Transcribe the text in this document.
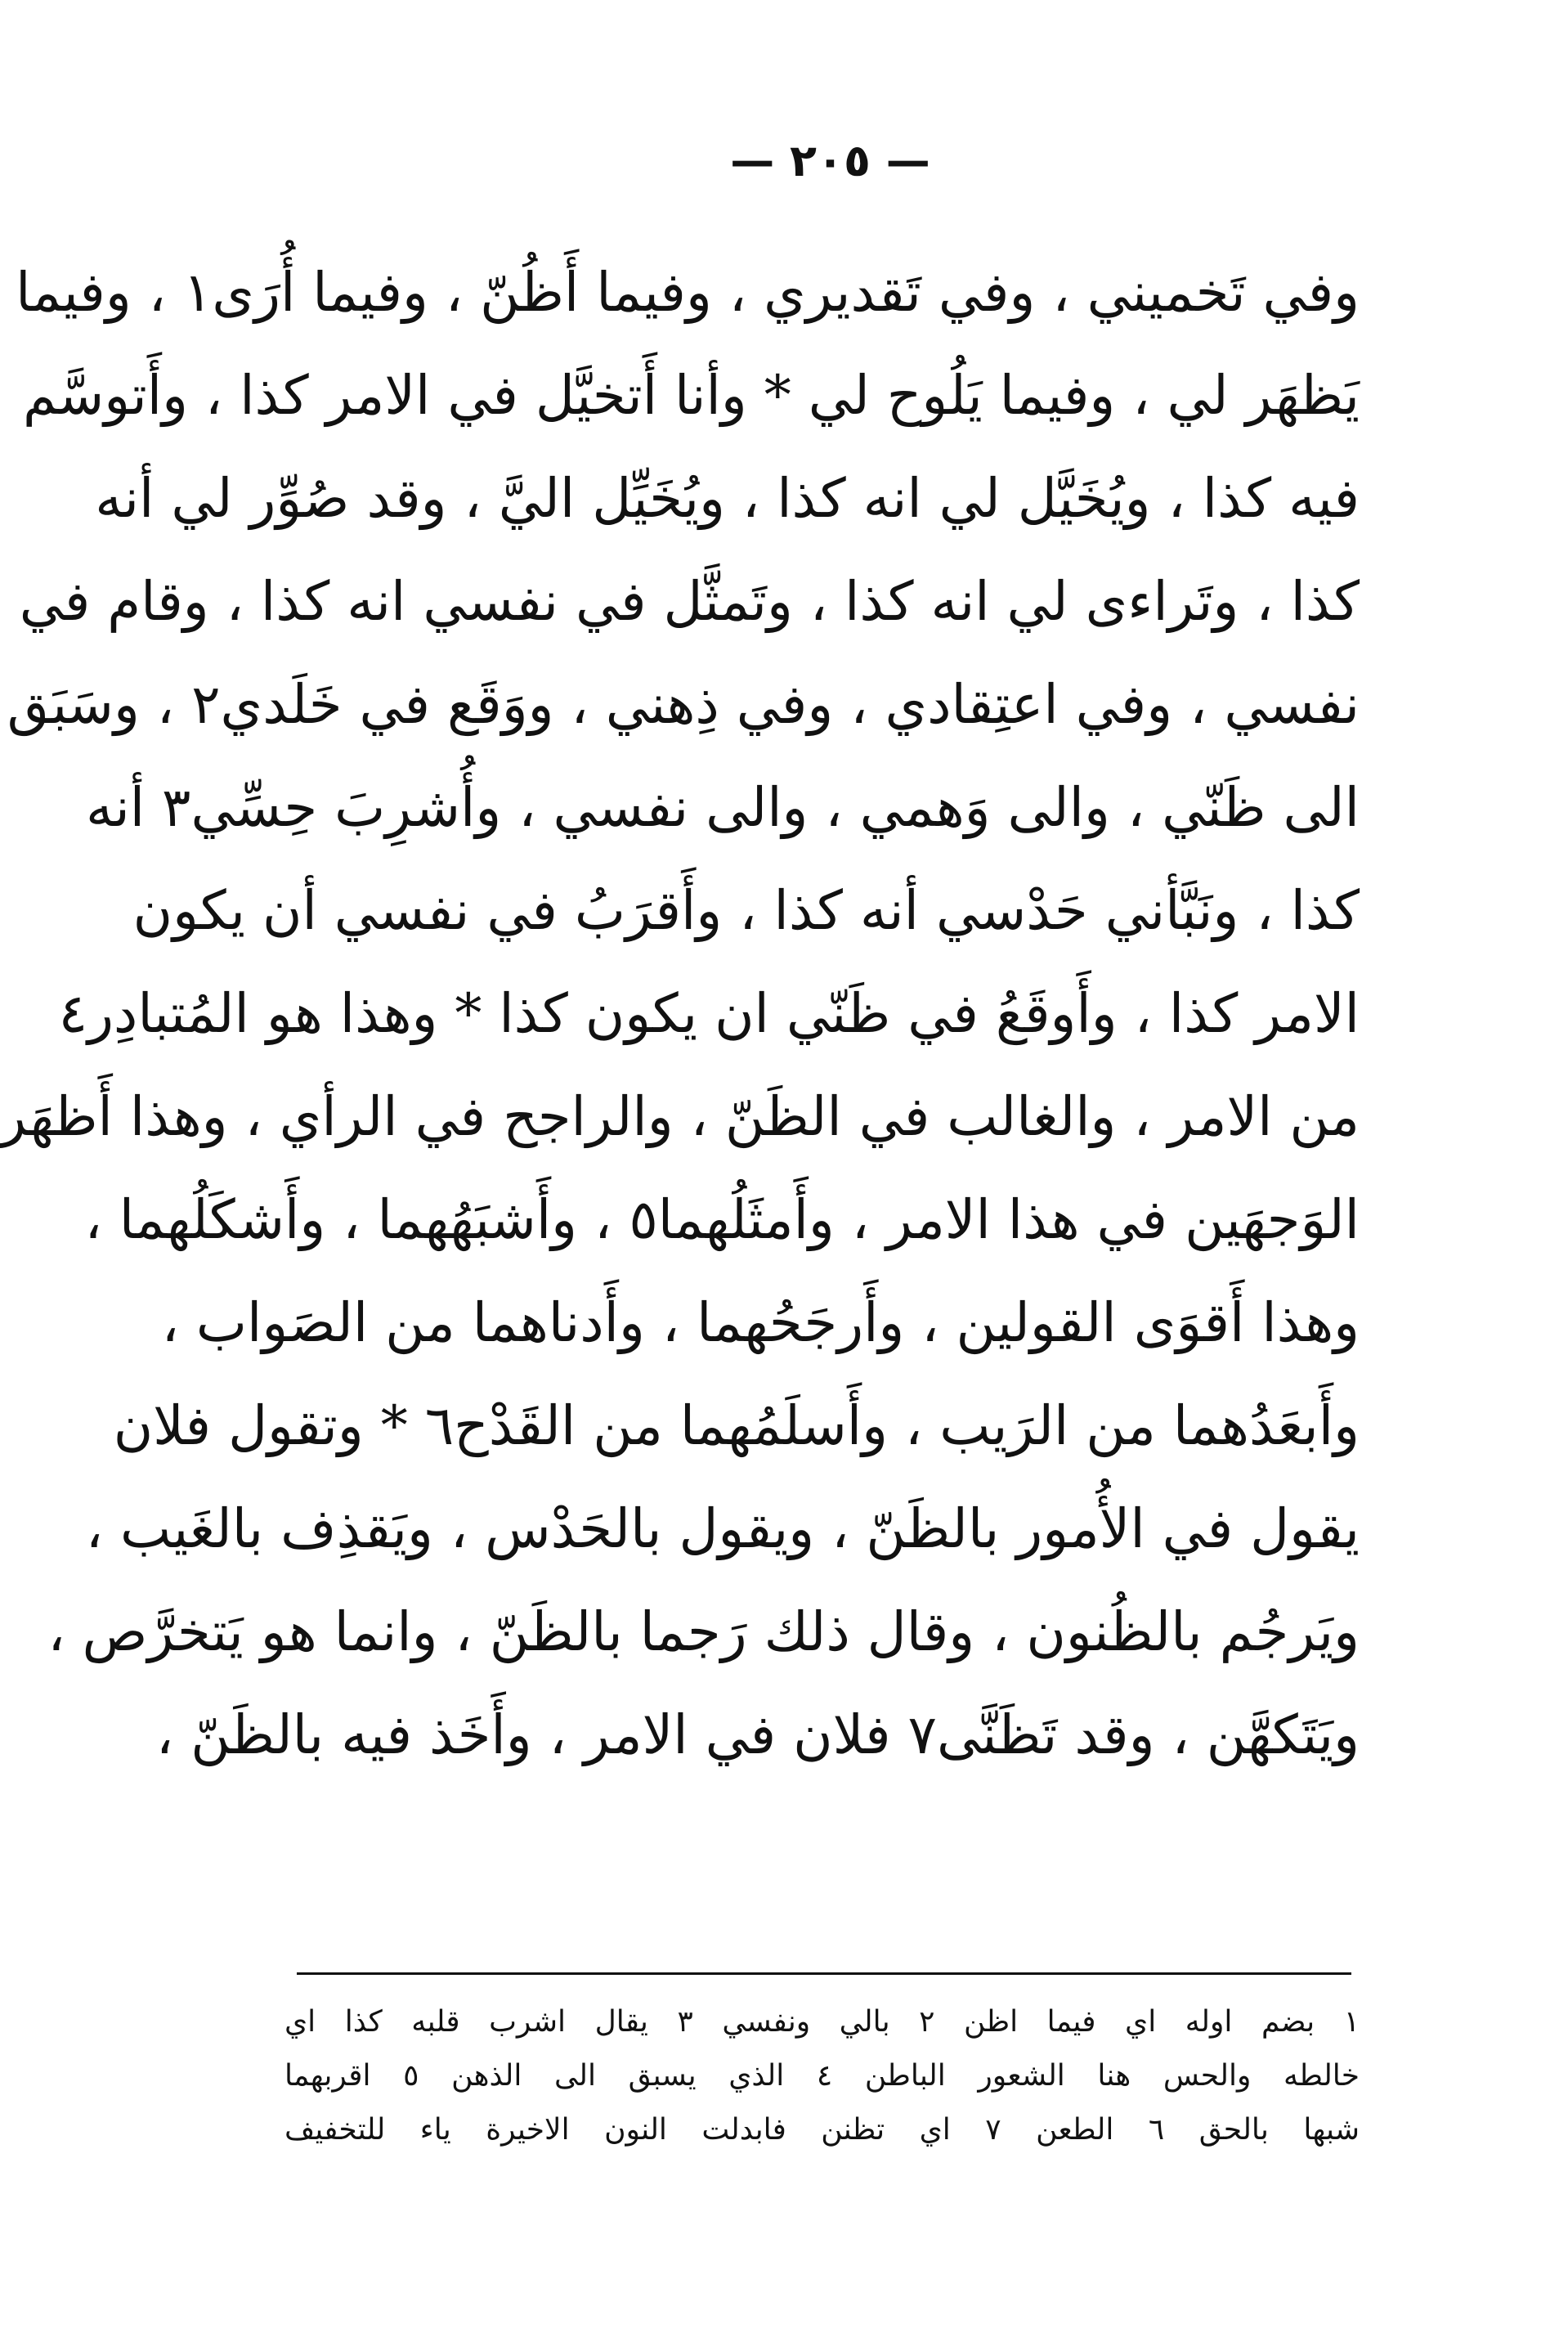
— ٢٠٥ —
وفي تَخميني ، وفي تَقديري ، وفيما أَظُنّ ، وفيما أُرَى١ ، وفيما
يَظهَر لي ، وفيما يَلُوح لي * وأنا أَتخيَّل في الامر كذا ، وأَتوسَّم
فيه كذا ، ويُخَيَّل لي انه كذا ، ويُخَيِّل اليَّ ، وقد صُوِّر لي أنه
كذا ، وتَراءى لي انه كذا ، وتَمثَّل في نفسي انه كذا ، وقام في
نفسي ، وفي اعتِقادي ، وفي ذِهني ، ووَقَع في خَلَدي٢ ، وسَبَق
الى ظَنّي ، والى وَهمي ، والى نفسي ، وأُشرِبَ حِسِّي٣ أنه
كذا ، ونَبَّأني حَدْسي أنه كذا ، وأَقرَبُ في نفسي أن يكون
الامر كذا ، وأَوقَعُ في ظَنّي ان يكون كذا * وهذا هو المُتبادِر٤
من الامر ، والغالب في الظَنّ ، والراجح في الرأي ، وهذا أَظهَر
الوَجهَين في هذا الامر ، وأَمثَلُهما٥ ، وأَشبَهُهما ، وأَشكَلُهما ،
وهذا أَقوَى القولين ، وأَرجَحُهما ، وأَدناهما من الصَواب ،
وأَبعَدُهما من الرَيب ، وأَسلَمُهما من القَدْح٦ * وتقول فلان
يقول في الأُمور بالظَنّ ، ويقول بالحَدْس ، ويَقذِف بالغَيب ،
ويَرجُم بالظُنون ، وقال ذلك رَجما بالظَنّ ، وانما هو يَتخرَّص ،
ويَتَكهَّن ، وقد تَظَنَّى٧ فلان في الامر ، وأَخَذ فيه بالظَنّ ،
١ بضم اوله اي فيما اظن ٢ بالي ونفسي ٣ يقال اشرب قلبه كذا اي
خالطه والحس هنا الشعور الباطن ٤ الذي يسبق الى الذهن ٥ اقربهما
شبها بالحق ٦ الطعن ٧ اي تظنن فابدلت النون الاخيرة ياء للتخفيف
